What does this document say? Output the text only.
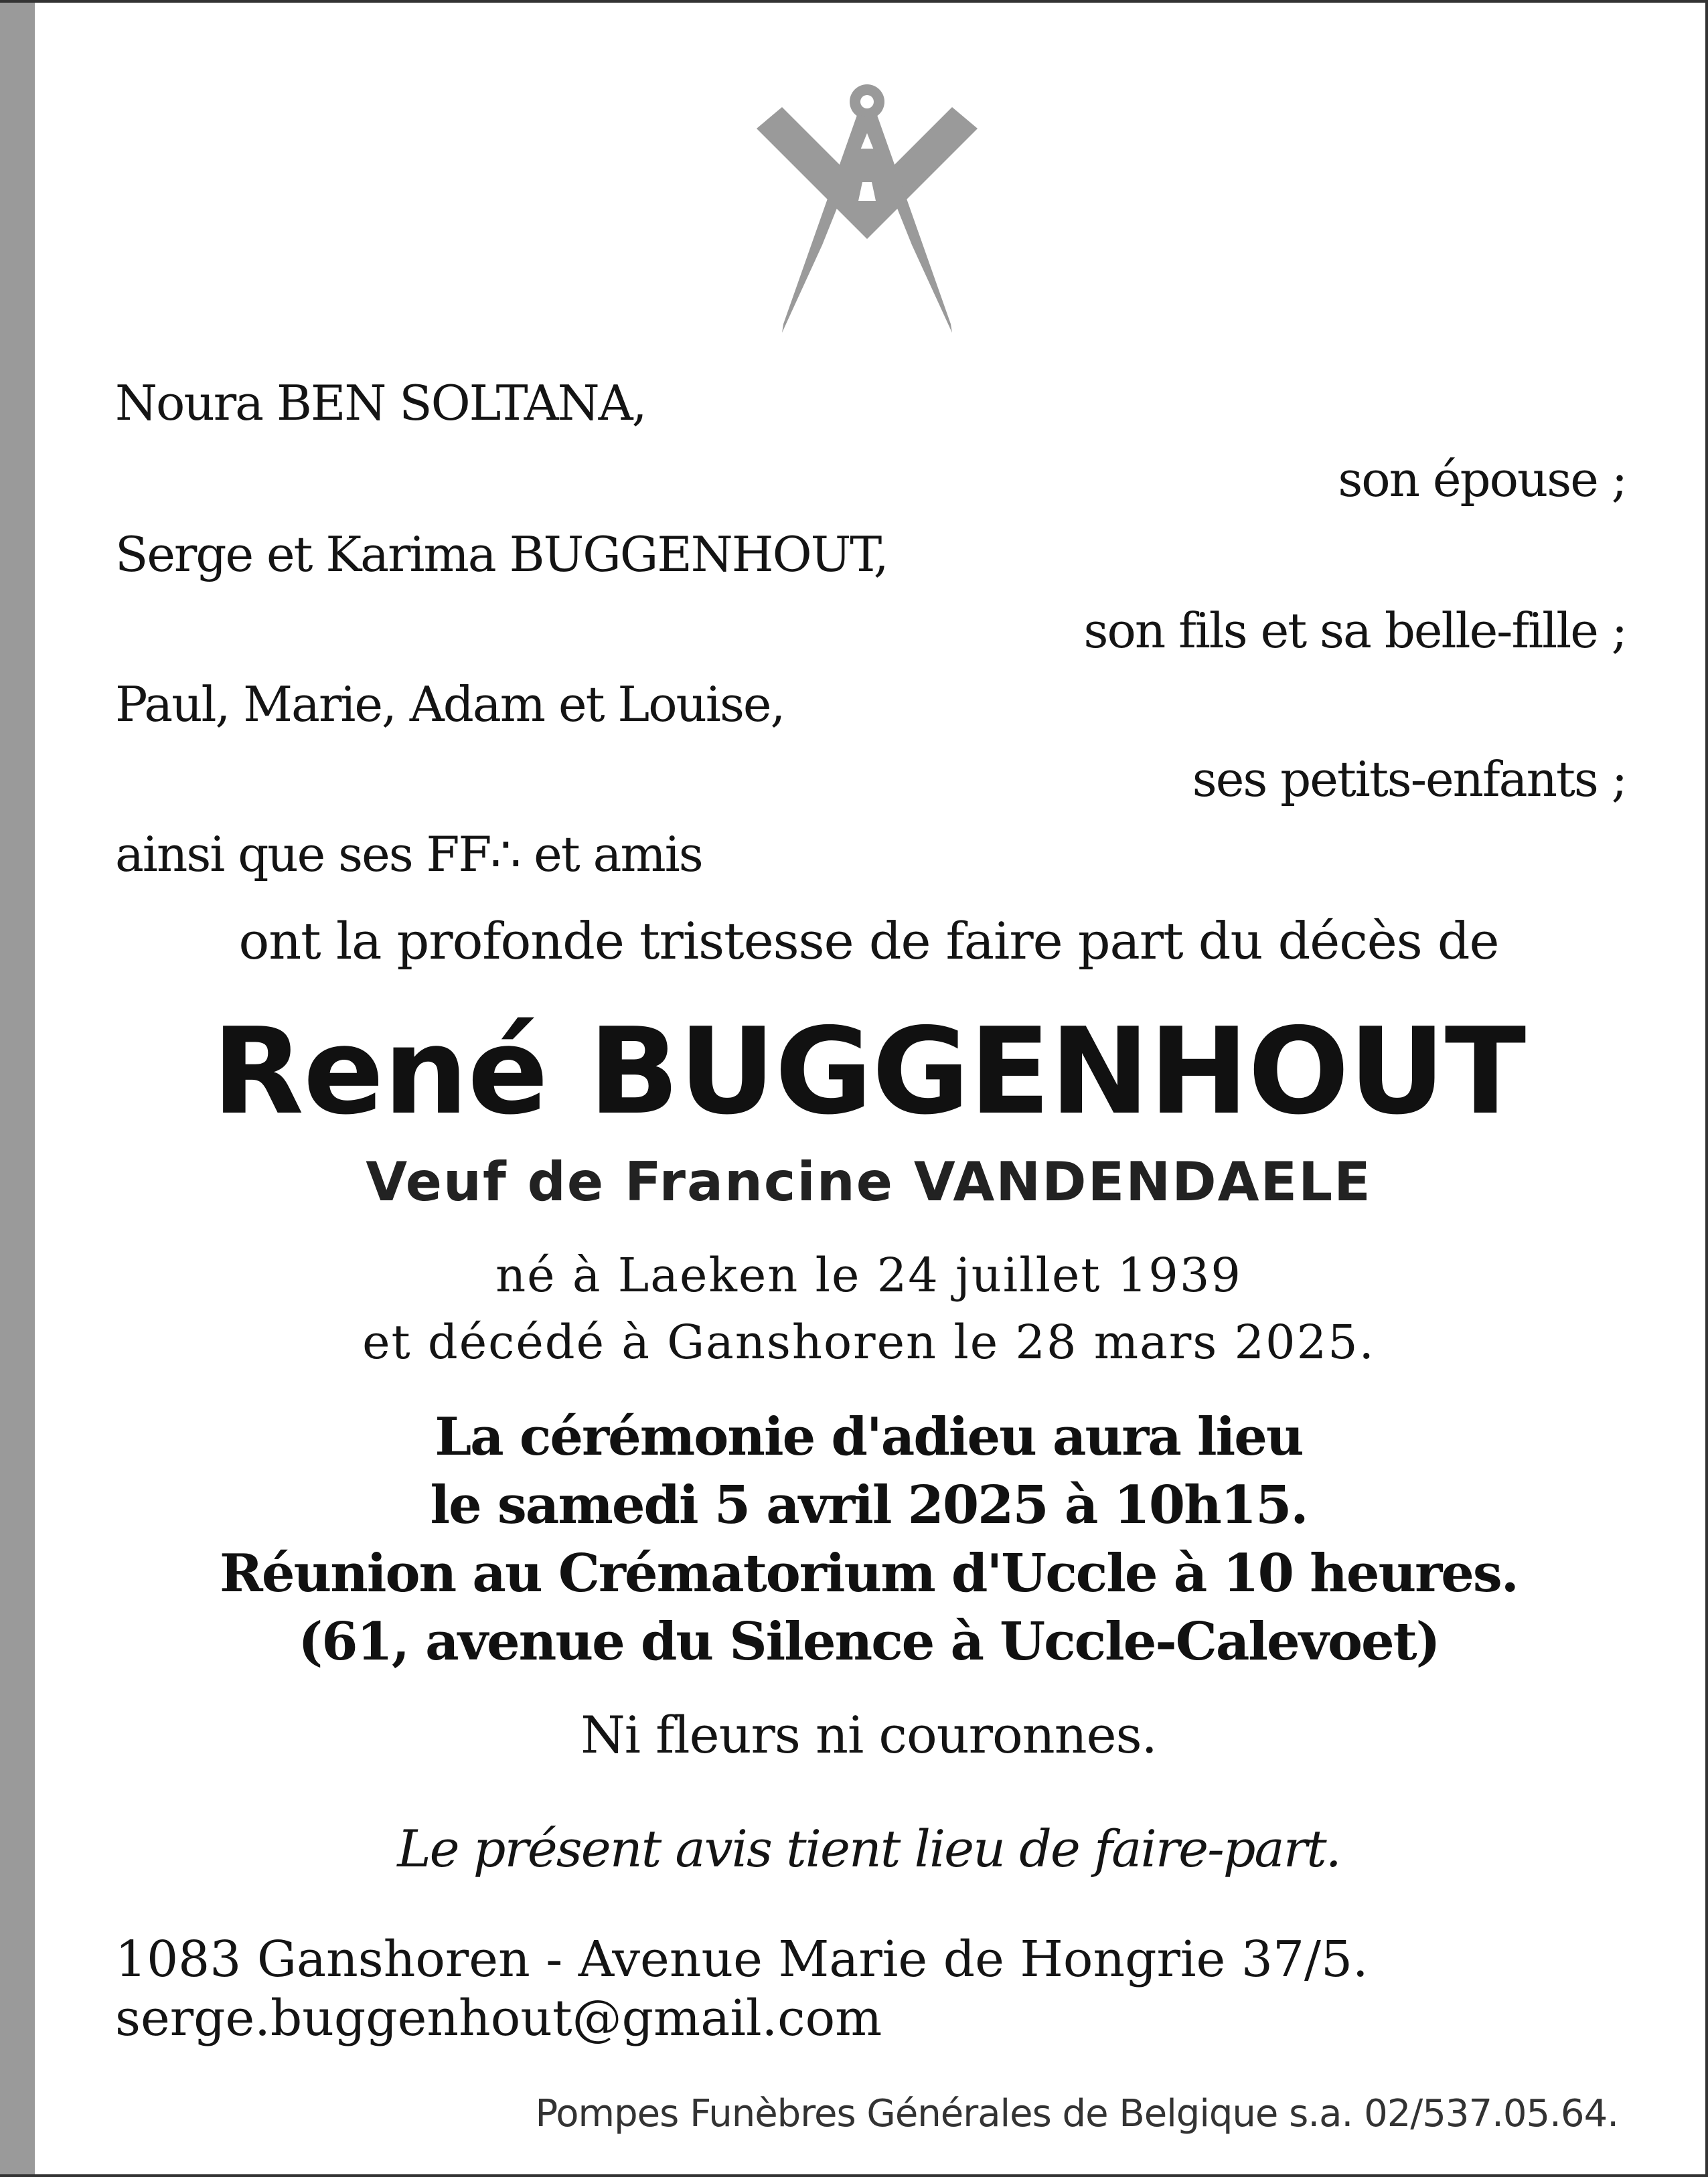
Noura BEN SOLTANA,
son épouse ;
Serge et Karima BUGGENHOUT,
son fils et sa belle-fille ;
Paul, Marie, Adam et Louise,
ses petits-enfants ;
ainsi que ses FF∴ et amis
ont la profonde tristesse de faire part du décès de
René BUGGENHOUT
Veuf de Francine VANDENDAELE
né à Laeken le 24 juillet 1939
et décédé à Ganshoren le 28 mars 2025.
La cérémonie d'adieu aura lieu
le samedi 5 avril 2025 à 10h15.
Réunion au Crématorium d'Uccle à 10 heures.
(61, avenue du Silence à Uccle-Calevoet)
Ni fleurs ni couronnes.
Le présent avis tient lieu de faire-part.
1083 Ganshoren - Avenue Marie de Hongrie 37/5.
serge.buggenhout@gmail.com
Pompes Funèbres Générales de Belgique s.a. 02/537.05.64.
